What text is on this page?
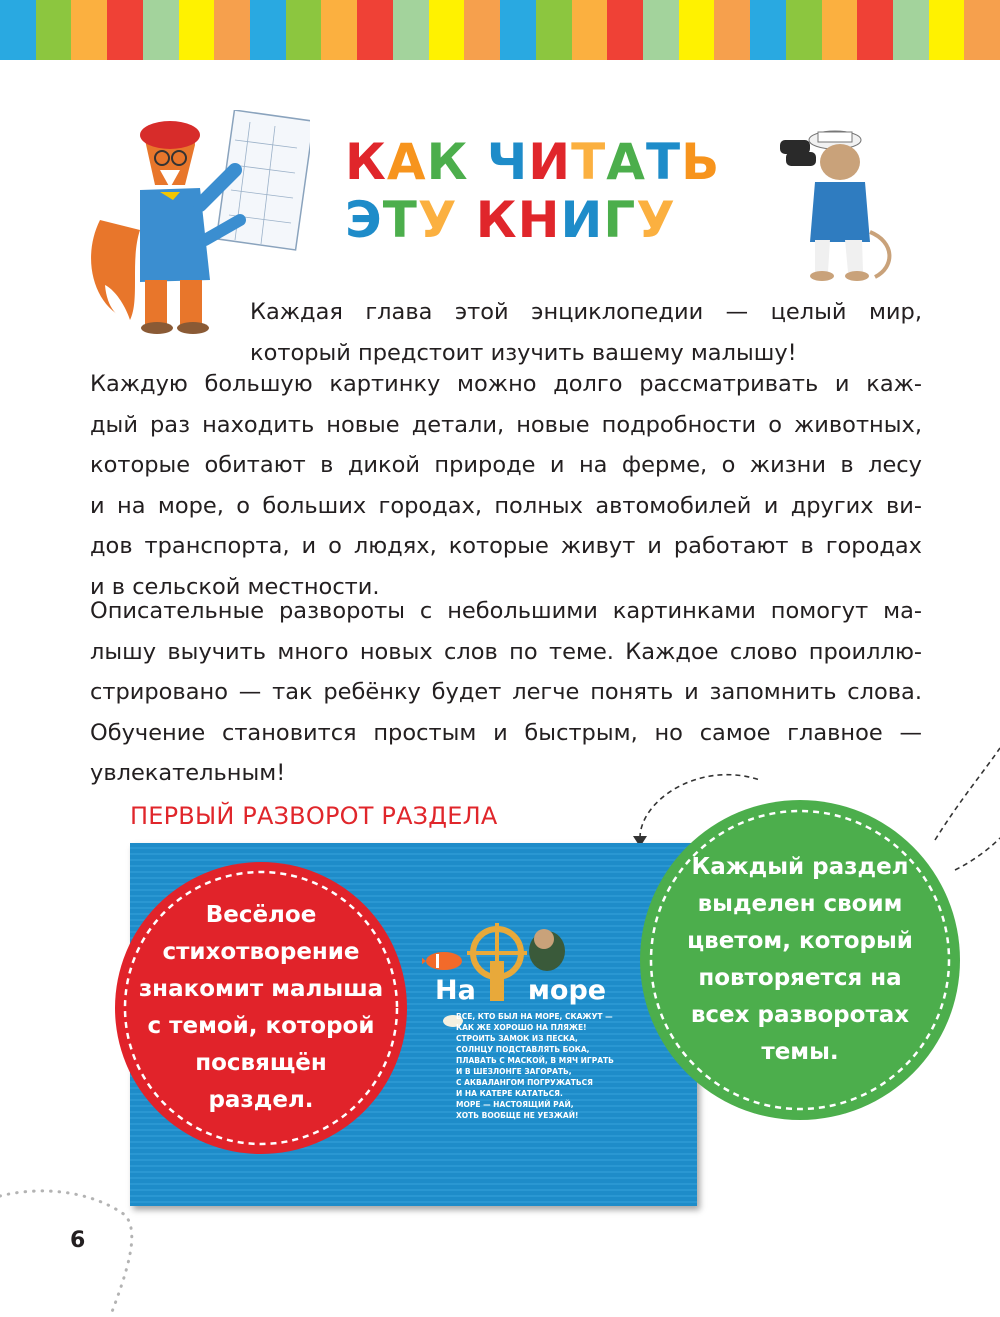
КАК ЧИТАТЬ
ЭТУ КНИГУ
Каждая глава этой энциклопедии — целый мир,
который предстоит изучить вашему малышу!
Каждую большую картинку можно долго рассматривать и каж-
дый раз находить новые детали, новые подробности о животных,
которые обитают в дикой природе и на ферме, о жизни в лесу
и на море, о больших городах, полных автомобилей и других ви-
дов транспорта, и о людях, которые живут и работают в городах
и в сельской местности.
Описательные развороты с небольшими картинками помогут ма-
лышу выучить много новых слов по теме. Каждое слово проиллю-
стрировано — так ребёнку будет легче понять и запомнить слова.
Обучение становится простым и быстрым, но самое главное —
увлекательным!
ПЕРВЫЙ РАЗВОРОТ РАЗДЕЛА
На море
ВСЕ, КТО БЫЛ НА МОРЕ, СКАЖУТ —
КАК ЖЕ ХОРОШО НА ПЛЯЖЕ!
СТРОИТЬ ЗАМОК ИЗ ПЕСКА,
СОЛНЦУ ПОДСТАВЛЯТЬ БОКА,
ПЛАВАТЬ С МАСКОЙ, В МЯЧ ИГРАТЬ
И В ШЕЗЛОНГЕ ЗАГОРАТЬ,
С АКВАЛАНГОМ ПОГРУЖАТЬСЯ
И НА КАТЕРЕ КАТАТЬСЯ.
МОРЕ — НАСТОЯЩИЙ РАЙ,
ХОТЬ ВООБЩЕ НЕ УЕЗЖАЙ!
Весёлое
стихотворение
знакомит малыша
с темой, которой
посвящён
раздел.
Каждый раздел
выделен своим
цветом, который
повторяется на
всех разворотах
темы.
6
